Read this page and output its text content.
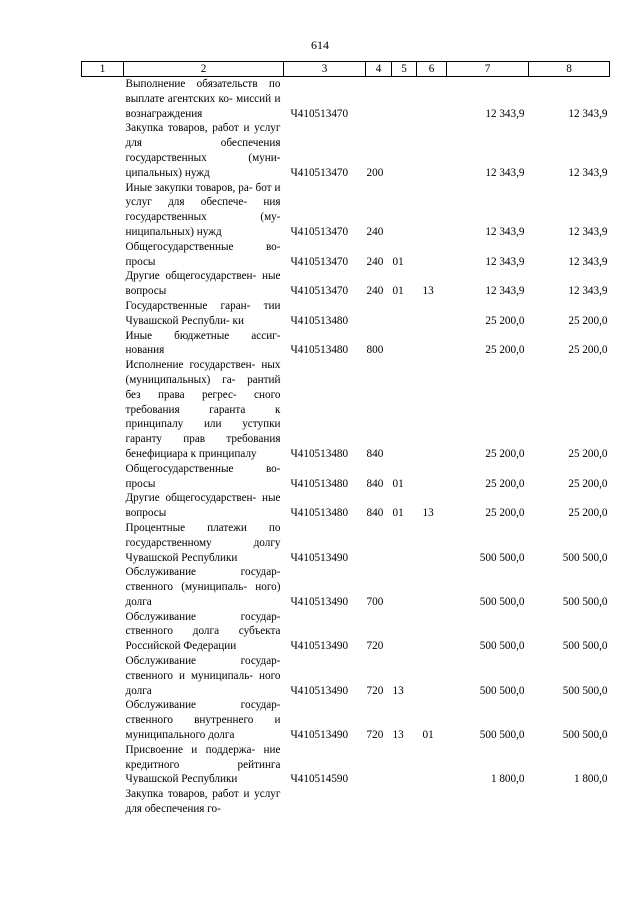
614
1	2	3	4	5	6	7	8
	Выполнение обязательств по выплате агентских ко- миссий и вознаграждения	Ч410513470				12 343,9	12 343,9
	Закупка товаров, работ и услуг для обеспечения государственных (муни- ципальных) нужд	Ч410513470	200			12 343,9	12 343,9
	Иные закупки товаров, ра- бот и услуг для обеспече- ния государственных (му- ниципальных) нужд	Ч410513470	240			12 343,9	12 343,9
	Общегосударственные во- просы	Ч410513470	240	01		12 343,9	12 343,9
	Другие общегосударствен- ные вопросы	Ч410513470	240	01	13	12 343,9	12 343,9
	Государственные гаран- тии Чувашской Республи- ки	Ч410513480				25 200,0	25 200,0
	Иные бюджетные ассиг- нования	Ч410513480	800			25 200,0	25 200,0
	Исполнение государствен- ных (муниципальных) га- рантий без права регрес- сного требования гаранта к принципалу или уступки гаранту прав требования бенефициара к принципалу	Ч410513480	840			25 200,0	25 200,0
	Общегосударственные во- просы	Ч410513480	840	01		25 200,0	25 200,0
	Другие общегосударствен- ные вопросы	Ч410513480	840	01	13	25 200,0	25 200,0
	Процентные платежи по государственному долгу Чувашской Республики	Ч410513490				500 500,0	500 500,0
	Обслуживание государ- ственного (муниципаль- ного) долга	Ч410513490	700			500 500,0	500 500,0
	Обслуживание государ- ственного долга субъекта Российской Федерации	Ч410513490	720			500 500,0	500 500,0
	Обслуживание государ- ственного и муниципаль- ного долга	Ч410513490	720	13		500 500,0	500 500,0
	Обслуживание государ- ственного внутреннего и муниципального долга	Ч410513490	720	13	01	500 500,0	500 500,0
	Присвоение и поддержа- ние кредитного рейтинга Чувашской Республики	Ч410514590				1 800,0	1 800,0
	Закупка товаров, работ и услуг для обеспечения го-						
